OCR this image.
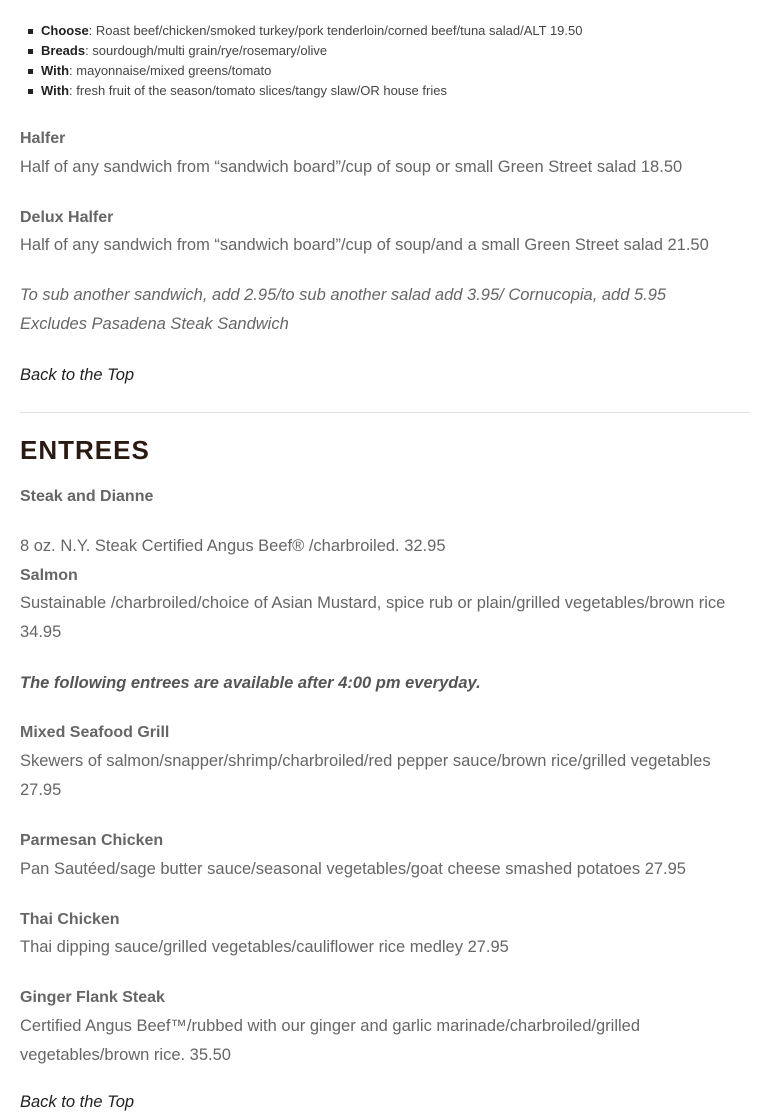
Choose: Roast beef/chicken/smoked turkey/pork tenderloin/corned beef/tuna salad/ALT 19.50
Breads: sourdough/multi grain/rye/rosemary/olive
With: mayonnaise/mixed greens/tomato
With: fresh fruit of the season/tomato slices/tangy slaw/OR house fries
Halfer
Half of any sandwich from “sandwich board”/cup of soup or small Green Street salad 18.50
Delux Halfer
Half of any sandwich from “sandwich board”/cup of soup/and a small Green Street salad 21.50
To sub another sandwich, add 2.95/to sub another salad add 3.95/ Cornucopia, add 5.95
Excludes Pasadena Steak Sandwich
Back to the Top
ENTREES
Steak and Dianne
8 oz. N.Y. Steak Certified Angus Beef® /charbroiled. 32.95
Salmon
Sustainable /charbroiled/choice of Asian Mustard, spice rub or plain/grilled vegetables/brown rice 34.95
The following entrees are available after 4:00 pm everyday.
Mixed Seafood Grill
Skewers of salmon/snapper/shrimp/charbroiled/red pepper sauce/brown rice/grilled vegetables 27.95
Parmesan Chicken
Pan Sautéed/sage butter sauce/seasonal vegetables/goat cheese smashed potatoes 27.95
Thai Chicken
Thai dipping sauce/grilled vegetables/cauliflower rice medley 27.95
Ginger Flank Steak
Certified Angus Beef™/rubbed with our ginger and garlic marinade/charbroiled/grilled vegetables/brown rice. 35.50
Back to the Top
